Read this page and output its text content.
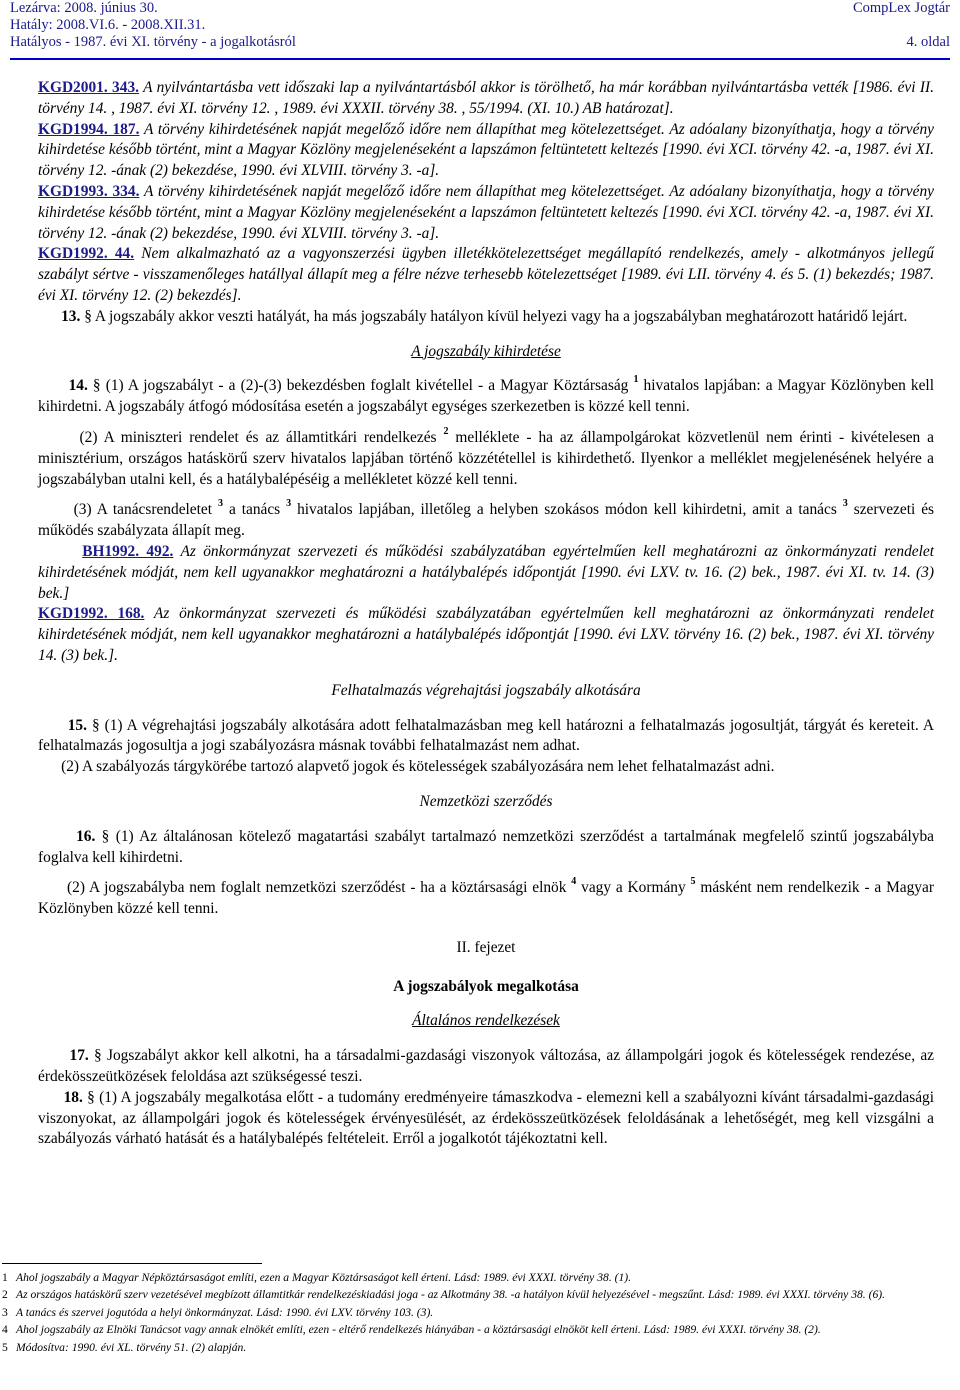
Lezárva: 2008. június 30.
Hatály: 2008.VI.6. - 2008.XII.31.
Hatályos - 1987. évi XI. törvény - a jogalkotásról
CompLex Jogtár
4. oldal

KGD2001. 343. A nyilvántartásba vett időszaki lap a nyilvántartásból akkor is törölhető, ha már korábban nyilvántartásba vették [1986. évi II. törvény 14. , 1987. évi XI. törvény 12. , 1989. évi XXXII. törvény 38. , 55/1994. (XI. 10.) AB határozat].

KGD1994. 187. A törvény kihirdetésének napját megelőző időre nem állapíthat meg kötelezettséget. Az adóalany bizonyíthatja, hogy a törvény kihirdetése később történt, mint a Magyar Közlöny megjelenéseként a lapszámon feltüntetett keltezés [1990. évi XCI. törvény 42. -a, 1987. évi XI. törvény 12. -ának (2) bekezdése, 1990. évi XLVIII. törvény 3. -a].

KGD1993. 334. A törvény kihirdetésének napját megelőző időre nem állapíthat meg kötelezettséget. Az adóalany bizonyíthatja, hogy a törvény kihirdetése később történt, mint a Magyar Közlöny megjelenéseként a lapszámon feltüntetett keltezés [1990. évi XCI. törvény 42. -a, 1987. évi XI. törvény 12. -ának (2) bekezdése, 1990. évi XLVIII. törvény 3. -a].

KGD1992. 44. Nem alkalmazható az a vagyonszerzési ügyben illetékkötelezettséget megállapító rendelkezés, amely - alkotmányos jellegű szabályt sértve - visszamenőleges hatállyal állapít meg a félre nézve terhesebb kötelezettséget [1989. évi LII. törvény 4. és 5. (1) bekezdés; 1987. évi XI. törvény 12. (2) bekezdés].

13. § A jogszabály akkor veszti hatályát, ha más jogszabály hatályon kívül helyezi vagy ha a jogszabályban meghatározott határidő lejárt.

A jogszabály kihirdetése

14. § (1) A jogszabályt - a (2)-(3) bekezdésben foglalt kivétellel - a Magyar Köztársaság $^1$ hivatalos lapjában: a Magyar Közlönyben kell kihirdetni. A jogszabály átfogó módosítása esetén a jogszabályt egységes szerkezetben is közzé kell tenni.

(2) A miniszteri rendelet és az államtitkári rendelkezés $^2$ melléklete - ha az állampolgárokat közvetlenül nem érinti - kivételesen a minisztérium, országos hatáskörű szerv hivatalos lapjában történő közzététellel is kihirdethető. Ilyenkor a melléklet megjelenésének helyére a jogszabályban utalni kell, és a hatálybalépéséig a mellékletet közzé kell tenni.

(3) A tanácsrendeletet $^3$ a tanács $^3$ hivatalos lapjában, illetőleg a helyben szokásos módon kell kihirdetni, amit a tanács $^3$ szervezeti és működés szabályzata állapít meg.

BH1992. 492. Az önkormányzat szervezeti és működési szabályzatában egyértelműen kell meghatározni az önkormányzati rendelet kihirdetésének módját, nem kell ugyanakkor meghatározni a hatálybalépés időpontját [1990. évi LXV. tv. 16. (2) bek., 1987. évi XI. tv. 14. (3) bek.]

KGD1992. 168. Az önkormányzat szervezeti és működési szabályzatában egyértelműen kell meghatározni az önkormányzati rendelet kihirdetésének módját, nem kell ugyanakkor meghatározni a hatálybalépés időpontját [1990. évi LXV. törvény 16. (2) bek., 1987. évi XI. törvény 14. (3) bek.].

Felhatalmazás végrehajtási jogszabály alkotására

15. § (1) A végrehajtási jogszabály alkotására adott felhatalmazásban meg kell határozni a felhatalmazás jogosultját, tárgyát és kereteit. A felhatalmazás jogosultja a jogi szabályozásra másnak további felhatalmazást nem adhat.

(2) A szabályozás tárgykörébe tartozó alapvető jogok és kötelességek szabályozására nem lehet felhatalmazást adni.

Nemzetközi szerződés

16. § (1) Az általánosan kötelező magatartási szabályt tartalmazó nemzetközi szerződést a tartalmának megfelelő szintű jogszabályba foglalva kell kihirdetni.

(2) A jogszabályba nem foglalt nemzetközi szerződést - ha a köztársasági elnök $^4$ vagy a Kormány $^5$ másként nem rendelkezik - a Magyar Közlönyben közzé kell tenni.

II. fejezet

A jogszabályok megalkotása

Általános rendelkezések

17. § Jogszabályt akkor kell alkotni, ha a társadalmi-gazdasági viszonyok változása, az állampolgári jogok és kötelességek rendezése, az érdekösszeütközések feloldása azt szükségessé teszi.

18. § (1) A jogszabály megalkotása előtt - a tudomány eredményeire támaszkodva - elemezni kell a szabályozni kívánt társadalmi-gazdasági viszonyokat, az állampolgári jogok és kötelességek érvényesülését, az érdekösszeütközések feloldásának a lehetőségét, meg kell vizsgálni a szabályozás várható hatását és a hatálybalépés feltételeit. Erről a jogalkotót tájékoztatni kell.

1 Ahol jogszabály a Magyar Népköztársaságot említi, ezen a Magyar Köztársaságot kell érteni. Lásd: 1989. évi XXXI. törvény 38. (1).

2 Az országos hatáskörű szerv vezetésével megbízott államtitkár rendelkezéskiadási joga - az Alkotmány 38. -a hatályon kívül helyezésével - megszűnt. Lásd: 1989. évi XXXI. törvény 38. (6).

3 A tanács és szervei jogutóda a helyi önkormányzat. Lásd: 1990. évi LXV. törvény 103. (3).

4 Ahol jogszabály az Elnöki Tanácsot vagy annak elnökét említi, ezen - eltérő rendelkezés hiányában - a köztársasági elnököt kell érteni. Lásd: 1989. évi XXXI. törvény 38. (2).

5 Módosítva: 1990. évi XL. törvény 51. (2) alapján.
